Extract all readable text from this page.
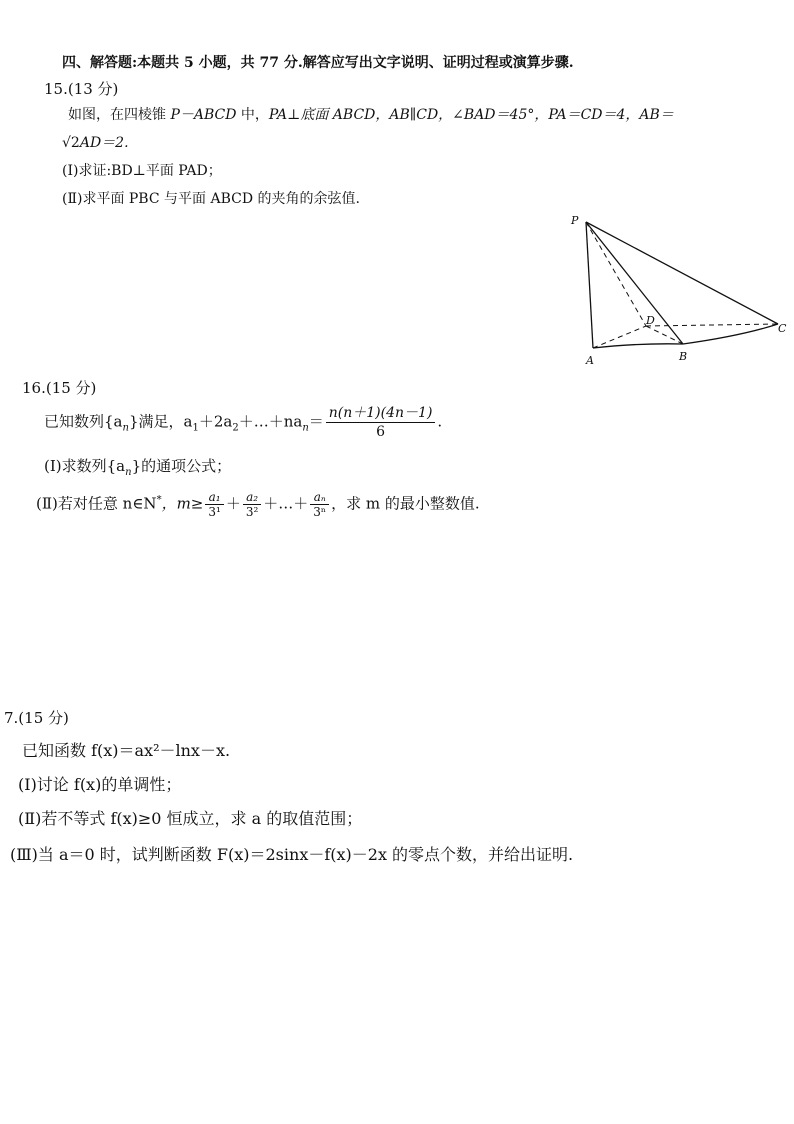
四、解答题:本题共 5 小题，共 77 分.解答应写出文字说明、证明过程或演算步骤.
15.(13 分)
如图，在四棱锥 P－ABCD 中，PA⊥底面 ABCD，AB∥CD，∠BAD＝45°，PA＝CD＝4，AB＝
√2AD＝2.
(Ⅰ)求证:BD⊥平面 PAD；
(Ⅱ)求平面 PBC 与平面 ABCD 的夹角的余弦值.
P
A	B
C
D
16.(15 分)
已知数列$\{a_n\}$满足，$a_1+2a_2+\dots+na_n= \frac{n(n+1)(4n-1)}{6}$ .
(Ⅰ)求数列$\{a_n\}$的通项公式；
(Ⅱ)若对任意 n∈N*，$m\ge \frac{\text{a₁}}{\text{3¹}} + \frac{\text{a₂}}{\text{3²}}$ ＋…＋ $\frac{\text{aₙ}}{\text{3ⁿ}}$ ，求 m 的最小整数值.
7.(15 分)
已知函数 f(x)＝ax²－lnx－x.
(Ⅰ)讨论 f(x)的单调性；
(Ⅱ)若不等式 f(x)≥0 恒成立，求 a 的取值范围；
(Ⅲ)当 a＝0 时，试判断函数 F(x)＝2sinx－f(x)－2x 的零点个数，并给出证明.
